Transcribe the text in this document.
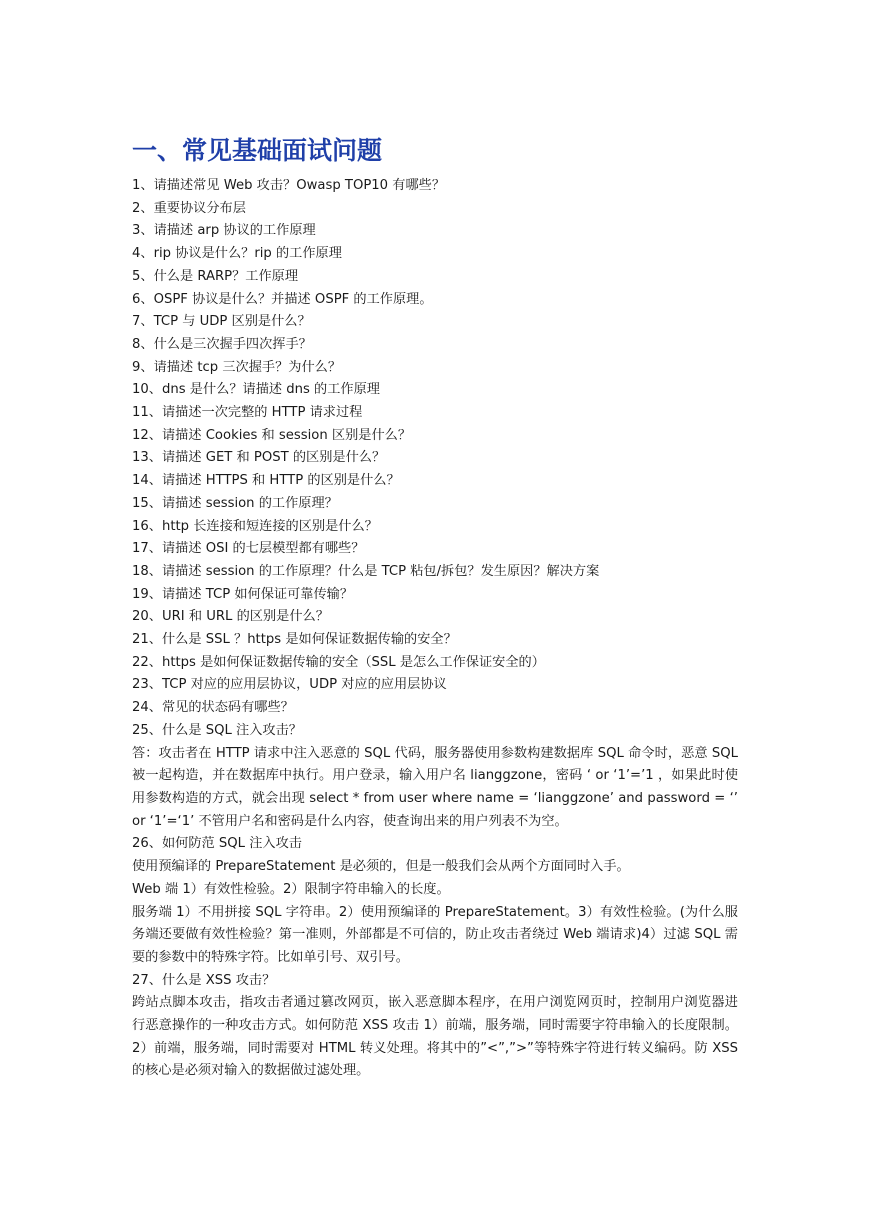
一、常见基础面试问题
1、请描述常见 Web 攻击？Owasp TOP10 有哪些？
2、重要协议分布层
3、请描述 arp 协议的工作原理
4、rip 协议是什么？rip 的工作原理
5、什么是 RARP？工作原理
6、OSPF 协议是什么？并描述 OSPF 的工作原理。
7、TCP 与 UDP 区别是什么？
8、什么是三次握手四次挥手？
9、请描述 tcp 三次握手？为什么？
10、dns 是什么？请描述 dns 的工作原理
11、请描述一次完整的 HTTP 请求过程
12、请描述 Cookies 和 session 区别是什么？
13、请描述 GET 和 POST 的区别是什么？
14、请描述 HTTPS 和 HTTP 的区别是什么？
15、请描述 session 的工作原理？
16、http 长连接和短连接的区别是什么？
17、请描述 OSI 的七层模型都有哪些？
18、请描述 session 的工作原理？什么是 TCP 粘包/拆包？发生原因？解决方案
19、请描述 TCP 如何保证可靠传输？
20、URI 和 URL 的区别是什么？
21、什么是 SSL ？https 是如何保证数据传输的安全？
22、https 是如何保证数据传输的安全（SSL 是怎么工作保证安全的）
23、TCP 对应的应用层协议，UDP 对应的应用层协议
24、常见的状态码有哪些？
25、什么是 SQL 注入攻击？
答：攻击者在 HTTP 请求中注入恶意的 SQL 代码，服务器使用参数构建数据库 SQL 命令时，恶意 SQL 被一起构造，并在数据库中执行。用户登录，输入用户名 lianggzone，密码 ‘ or ‘1’=’1 ，如果此时使用参数构造的方式，就会出现 select * from user where name = ‘lianggzone’ and password = ‘’ or ‘1’=‘1’ 不管用户名和密码是什么内容，使查询出来的用户列表不为空。
26、如何防范 SQL 注入攻击
使用预编译的 PrepareStatement 是必须的，但是一般我们会从两个方面同时入手。
Web 端 1）有效性检验。2）限制字符串输入的长度。
服务端 1）不用拼接 SQL 字符串。2）使用预编译的 PrepareStatement。3）有效性检验。(为什么服务端还要做有效性检验？第一准则，外部都是不可信的，防止攻击者绕过 Web 端请求)4）过滤 SQL 需要的参数中的特殊字符。比如单引号、双引号。
27、什么是 XSS 攻击？
跨站点脚本攻击，指攻击者通过篡改网页，嵌入恶意脚本程序，在用户浏览网页时，控制用户浏览器进行恶意操作的一种攻击方式。如何防范 XSS 攻击 1）前端，服务端，同时需要字符串输入的长度限制。2）前端，服务端，同时需要对 HTML 转义处理。将其中的”<”,”>”等特殊字符进行转义编码。防 XSS 的核心是必须对输入的数据做过滤处理。
